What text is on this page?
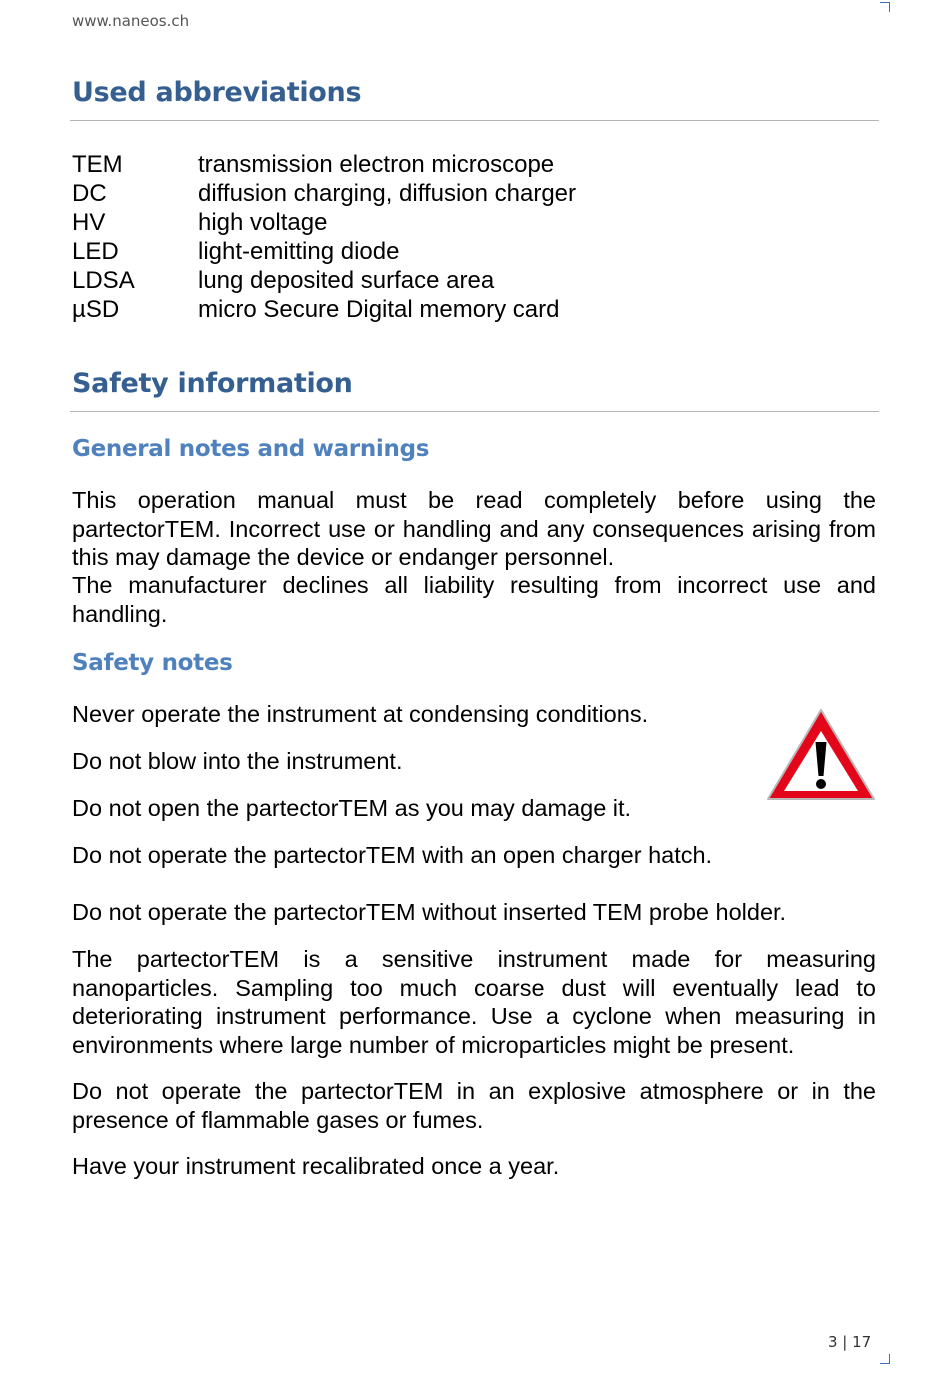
www.naneos.ch
Used abbreviations
TEM	transmission electron microscope
DC	diffusion charging, diffusion charger
HV	high voltage
LED	light-emitting diode
LDSA	lung deposited surface area
µSD	micro Secure Digital memory card
Safety information
General notes and warnings
This operation manual must be read completely before using the partectorTEM. Incorrect use or handling and any consequences arising from this may damage the device or endanger personnel.
The manufacturer declines all liability resulting from incorrect use and handling.
Safety notes
Never operate the instrument at condensing conditions.
Do not blow into the instrument.
Do not open the partectorTEM as you may damage it.
Do not operate the partectorTEM with an open charger hatch.
Do not operate the partectorTEM without inserted TEM probe holder.
The partectorTEM is a sensitive instrument made for measuring nanoparticles. Sampling too much coarse dust will eventually lead to deteriorating instrument performance. Use a cyclone when measuring in environments where large number of microparticles might be present.
Do not operate the partectorTEM in an explosive atmosphere or in the presence of flammable gases or fumes.
Have your instrument recalibrated once a year.
3 | 17
